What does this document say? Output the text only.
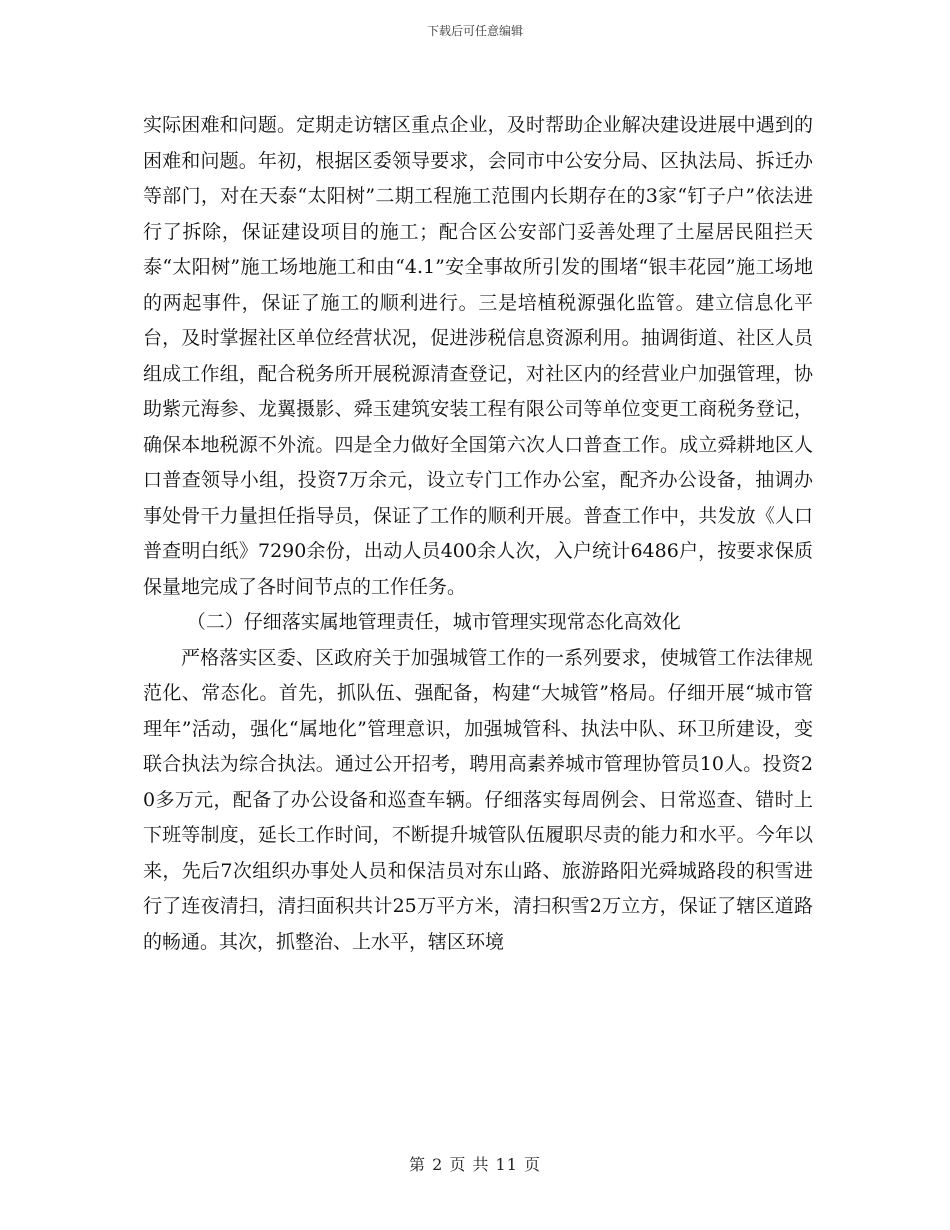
下载后可任意编辑

实际困难和问题。定期走访辖区重点企业，及时帮助企业解决建设进展中遇到的困难和问题。年初，根据区委领导要求，会同市中公安分局、区执法局、拆迁办等部门，对在天泰“太阳树”二期工程施工范围内长期存在的3家“钉子户”依法进行了拆除，保证建设项目的施工；配合区公安部门妥善处理了土屋居民阻拦天泰“太阳树”施工场地施工和由“4.1”安全事故所引发的围堵“银丰花园”施工场地的两起事件，保证了施工的顺利进行。三是培植税源强化监管。建立信息化平台，及时掌握社区单位经营状况，促进涉税信息资源利用。抽调街道、社区人员组成工作组，配合税务所开展税源清查登记，对社区内的经营业户加强管理，协助紫元海参、龙翼摄影、舜玉建筑安装工程有限公司等单位变更工商税务登记，确保本地税源不外流。四是全力做好全国第六次人口普查工作。成立舜耕地区人口普查领导小组，投资7万余元，设立专门工作办公室，配齐办公设备，抽调办事处骨干力量担任指导员，保证了工作的顺利开展。普查工作中，共发放《人口普查明白纸》7290余份，出动人员400余人次，入户统计6486户，按要求保质保量地完成了各时间节点的工作任务。

（二）仔细落实属地管理责任，城市管理实现常态化高效化

严格落实区委、区政府关于加强城管工作的一系列要求，使城管工作法律规范化、常态化。首先，抓队伍、强配备，构建“大城管”格局。仔细开展“城市管理年”活动，强化“属地化”管理意识，加强城管科、执法中队、环卫所建设，变联合执法为综合执法。通过公开招考，聘用高素养城市管理协管员10人。投资20多万元，配备了办公设备和巡查车辆。仔细落实每周例会、日常巡查、错时上下班等制度，延长工作时间，不断提升城管队伍履职尽责的能力和水平。今年以来，先后7次组织办事处人员和保洁员对东山路、旅游路阳光舜城路段的积雪进行了连夜清扫，清扫面积共计25万平方米，清扫积雪2万立方，保证了辖区道路的畅通。其次，抓整治、上水平，辖区环境

第 2 页 共 11 页
